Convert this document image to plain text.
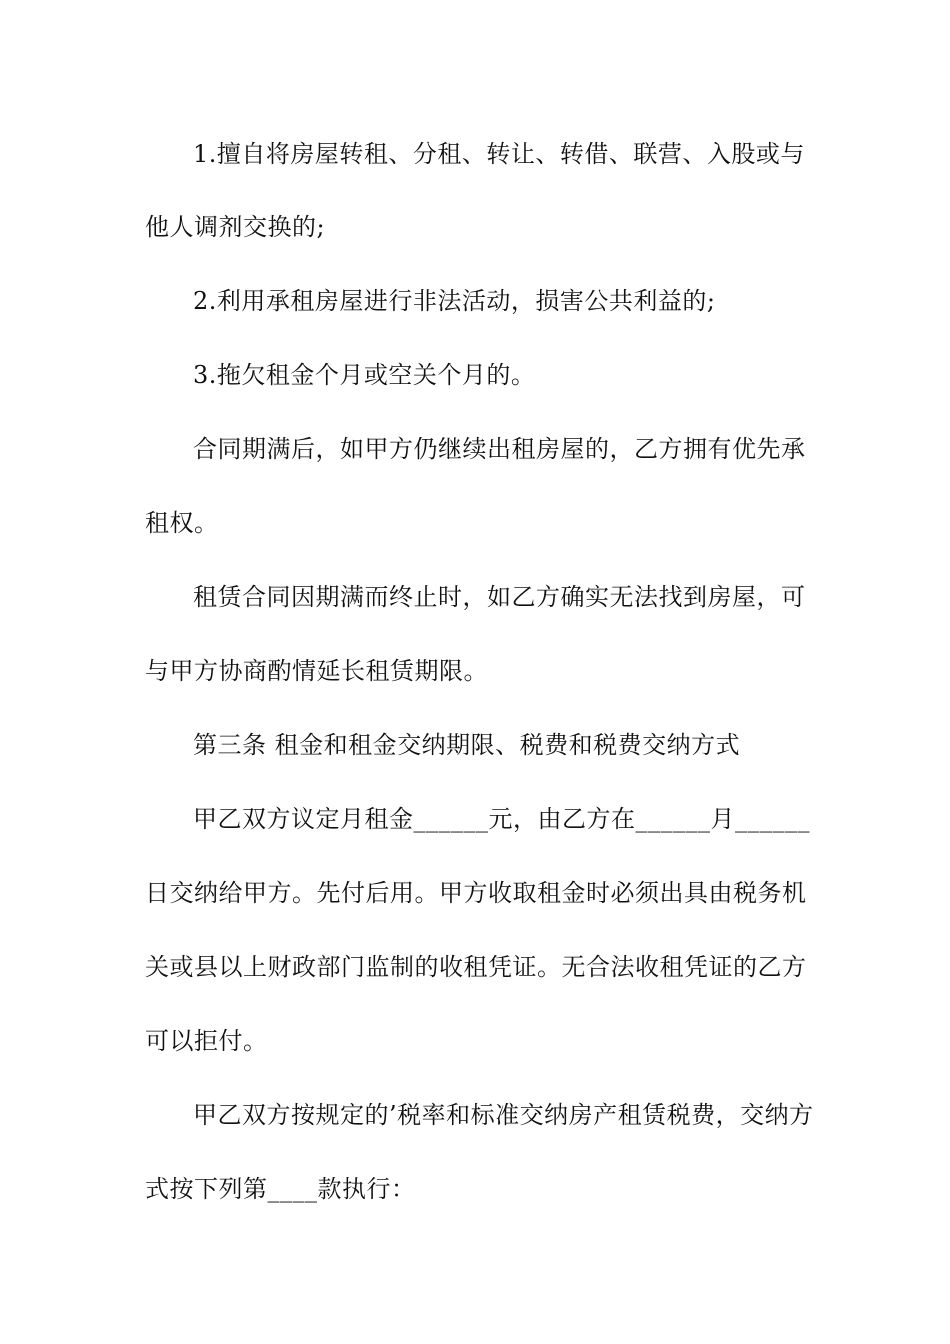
1.擅自将房屋转租、分租、转让、转借、联营、入股或与
他人调剂交换的;
2.利用承租房屋进行非法活动，损害公共利益的;
3.拖欠租金个月或空关个月的。
合同期满后，如甲方仍继续出租房屋的，乙方拥有优先承
租权。
租赁合同因期满而终止时，如乙方确实无法找到房屋，可
与甲方协商酌情延长租赁期限。
第三条 租金和租金交纳期限、税费和税费交纳方式
甲乙双方议定月租金______元，由乙方在______月______
日交纳给甲方。先付后用。甲方收取租金时必须出具由税务机
关或县以上财政部门监制的收租凭证。无合法收租凭证的乙方
可以拒付。
甲乙双方按规定的’税率和标准交纳房产租赁税费，交纳方
式按下列第____款执行：
